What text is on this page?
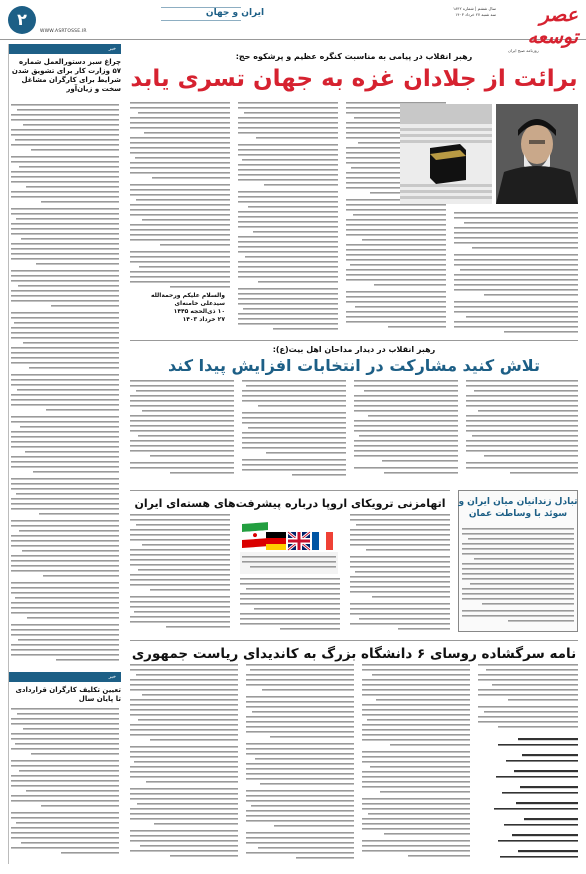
عصر توسعه
روزنامه صبح ایران
سال ششم | شماره ۱۸۴۲
سه شنبه ۲۷ خرداد ۱۴۰۳
ایران و جهان
WWW.ASRTOSSE.IR
۲
خبر
چراغ سبز دستورالعمل شماره ۵۷ وزارت کار برای تشویق شدن شرایط برای کارگران مشاغل سخت و زیان‌آور
خبر
تعیین تکلیف کارگران قراردادی تا پایان سال
رهبر انقلاب در پیامی به مناسبت کنگره عظیم و پرشکوه حج:
برائت از جلادان غزه به جهان تسری یابد
والسلام علیکم ورحمةالله
سیدعلی خامنه‌ای
۱۰ ذی‌الحجه ۱۴۴۵
۲۷ خرداد ۱۴۰۳
رهبر انقلاب در دیدار مداحان اهل بیت(ع):
تلاش کنید مشارکت در انتخابات افزایش پیدا کند
اتهامزنی ترویکای اروپا درباره پیشرفت‌های هسته‌ای ایران	تبادل زندانیان میان ایران و سوئد با وساطت عمان
نامه سرگشاده روسای ۶ دانشگاه بزرگ به کاندیدای ریاست جمهوری
